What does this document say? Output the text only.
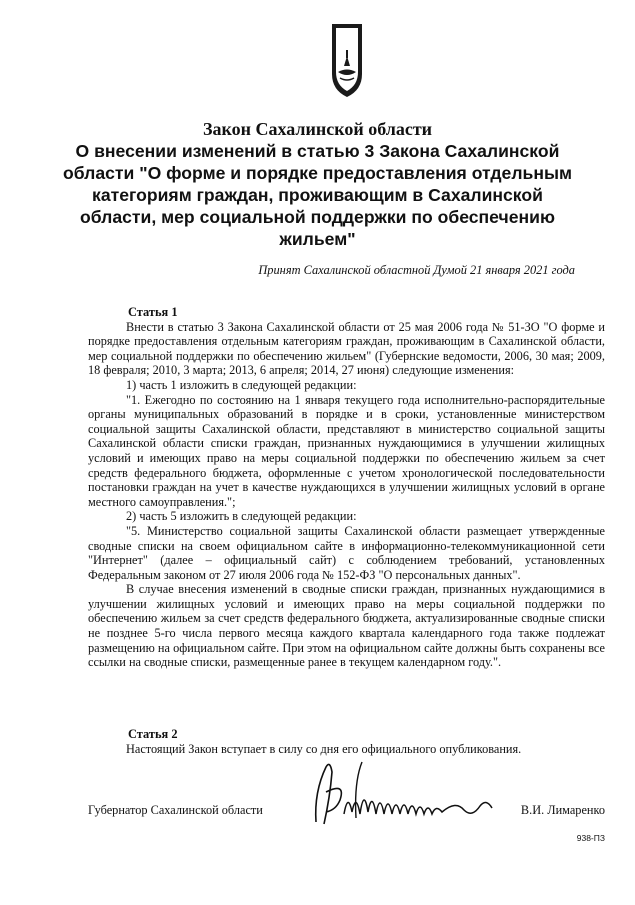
Закон Сахалинской области
О внесении изменений в статью 3 Закона Сахалинской области "О форме и порядке предоставления отдельным категориям граждан, проживающим в Сахалинской области, мер социальной поддержки по обеспечению жильем"
Принят Сахалинской областной Думой 21 января 2021 года
Статья 1

Внести в статью 3 Закона Сахалинской области от 25 мая 2006 года № 51-ЗО "О форме и порядке предоставления отдельным категориям граждан, проживающим в Сахалинской области, мер социальной поддержки по обеспечению жильем" (Губернские ведомости, 2006, 30 мая; 2009, 18 февраля; 2010, 3 марта; 2013, 6 апреля; 2014, 27 июня) следующие изменения:

1) часть 1 изложить в следующей редакции:

"1. Ежегодно по состоянию на 1 января текущего года исполнительно-распорядительные органы муниципальных образований в порядке и в сроки, установленные министерством социальной защиты Сахалинской области, представляют в министерство социальной защиты Сахалинской области списки граждан, признанных нуждающимися в улучшении жилищных условий и имеющих право на меры социальной поддержки по обеспечению жильем за счет средств федерального бюджета, оформленные с учетом хронологической последовательности постановки граждан на учет в качестве нуждающихся в улучшении жилищных условий в органе местного самоуправления.";

2) часть 5 изложить в следующей редакции:

"5. Министерство социальной защиты Сахалинской области размещает утвержденные сводные списки на своем официальном сайте в информационно-телекоммуникационной сети "Интернет" (далее – официальный сайт) с соблюдением требований, установленных Федеральным законом от 27 июля 2006 года № 152-ФЗ "О персональных данных".

В случае внесения изменений в сводные списки граждан, признанных нуждающимися в улучшении жилищных условий и имеющих право на меры социальной поддержки по обеспечению жильем за счет средств федерального бюджета, актуализированные сводные списки не позднее 5-го числа первого месяца каждого квартала календарного года также подлежат размещению на официальном сайте. При этом на официальном сайте должны быть сохранены все ссылки на сводные списки, размещенные ранее в текущем календарном году.".

Статья 2

Настоящий Закон вступает в силу со дня его официального опубликования.

Губернатор Сахалинской области	В.И. Лимаренко
938-ПЗ
